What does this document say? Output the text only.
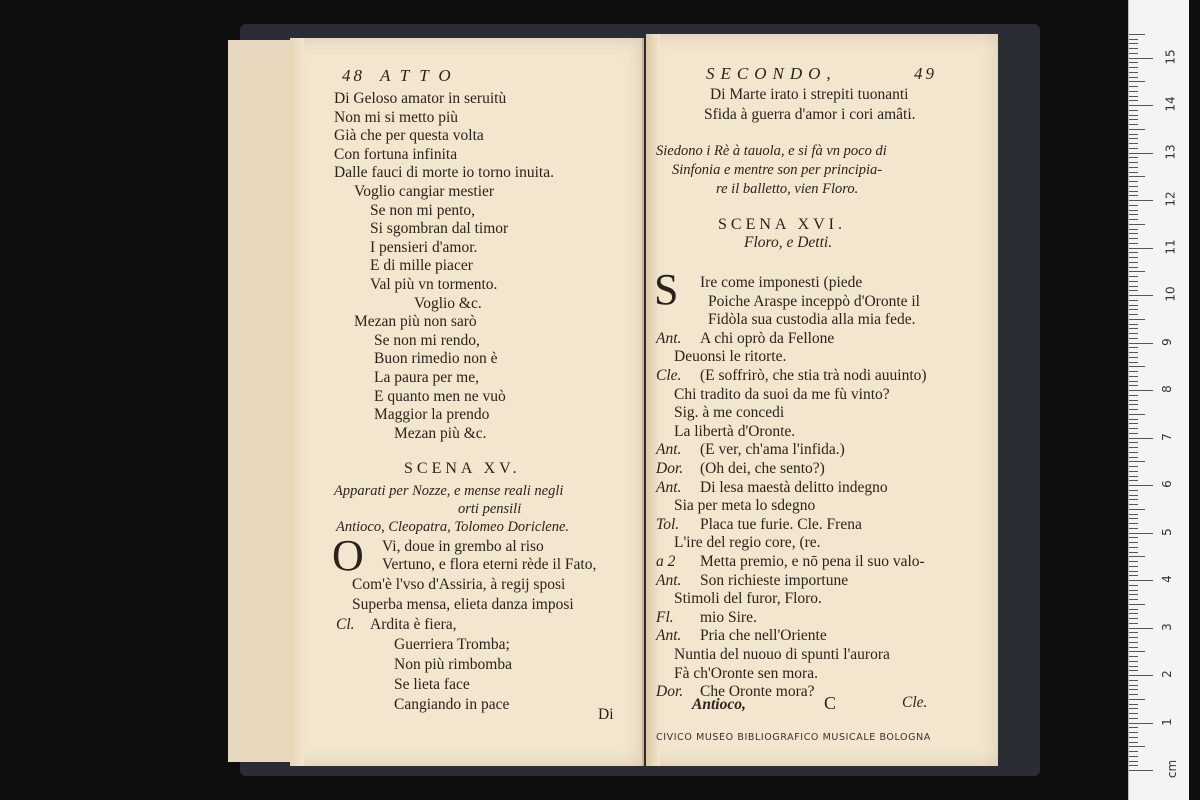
48 ATTO
Di Geloso amator in seruitù
Non mi si metto più
Già che per questa volta
Con fortuna infinita
Dalle fauci di morte io torno inuita.
Voglio cangiar mestier
Se non mi pento,
Si sgombran dal timor
I pensieri d'amor.
E di mille piacer
Val più vn tormento.
Voglio &c.
Mezan più non sarò
Se non mi rendo,
Buon rimedio non è
La paura per me,
E quanto men ne vuò
Maggior la prendo
Mezan più &c.
SCENA XV.
Apparati per Nozze, e mense reali negli
orti pensili
Antioco, Cleopatra, Tolomeo Doriclene.
O Vi, doue in grembo al riso
Vertuno, e flora eterni rède il Fato,
Com'è l'vso d'Assiria, à regij sposi
Superba mensa, elieta danza imposi
Cl. Ardita è fiera,
Guerriera Tromba;
Non più rimbomba
Se lieta face
Cangiando in pace
Di
SECONDO,	49
Di Marte irato i strepiti tuonanti
Sfida à guerra d'amor i cori amâti.
Siedono i Rè à tauola, e si fà vn poco di
Sinfonia e mentre son per principia-
re il balletto, vien Floro.
SCENA XVI.
Floro, e Detti.
S Ire come imponesti (piede
Poiche Araspe inceppò d'Oronte il
Fidòla sua custodia alla mia fede.
Ant. A chi oprò da Fellone
Deuonsi le ritorte.
Cle. (E soffrirò, che stia trà nodi auuinto)
Chi tradito da suoi da me fù vinto?
Sig. à me concedi
La libertà d'Oronte.
Ant. (E ver, ch'ama l'infida.)
Dor. (Oh dei, che sento?)
Ant. Di lesa maestà delitto indegno
Sia per meta lo sdegno
Tol. Placa tue furie. Cle. Frena
L'ire del regio core, (re.
a 2 Metta premio, e nō pena il suo valo-
Ant. Son richieste importune
Stimoli del furor, Floro.
Fl. mio Sire.
Ant. Pria che nell'Oriente
Nuntia del nuouo di spunti l'aurora
Fà ch'Oronte sen mora.
Dor. Che Oronte mora?
Antioco,	C	Cle.
CIVICO MUSEO BIBLIOGRAFICO MUSICALE BOLOGNA
1
2
3
4
5
6
7
8
9
10
11
12
13
14
15
cm
